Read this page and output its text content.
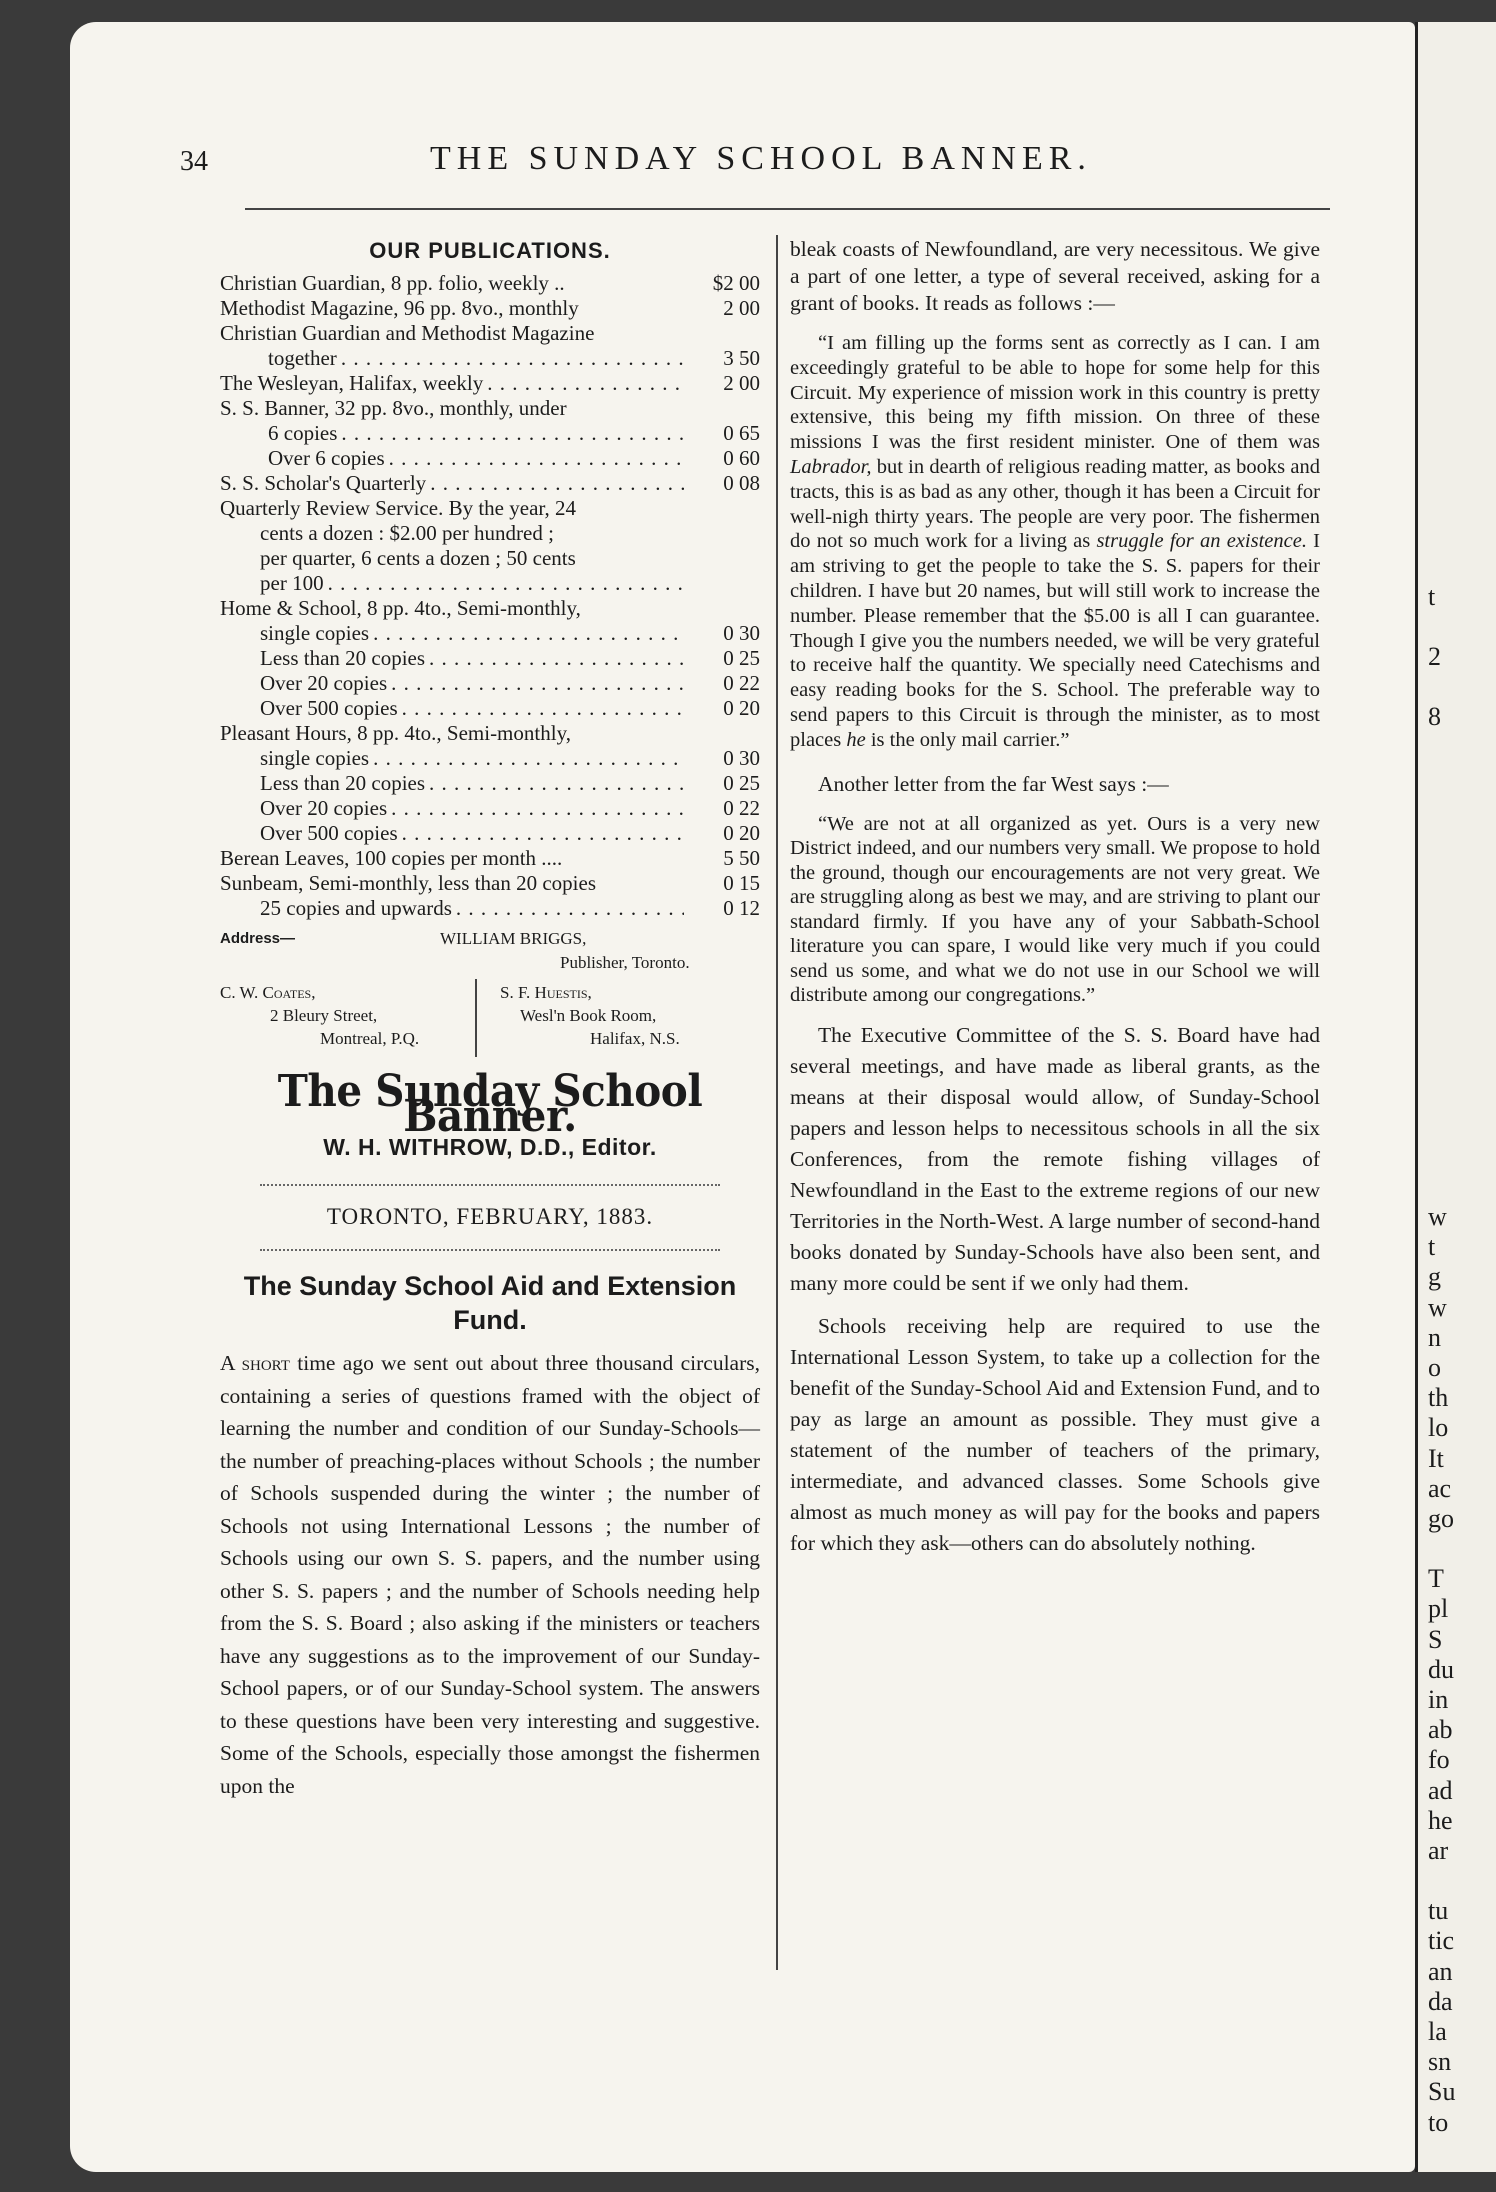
t
2
8
w
t
g
w
n
o
th
lo
It
ac
go
T
pl
S
du
in
ab
fo
ad
he
ar
tu
tic
an
da
la
sn
Su
to
34	THE SUNDAY SCHOOL BANNER.
OUR PUBLICATIONS.
Christian Guardian, 8 pp. folio, weekly ..	$2 00
Methodist Magazine, 96 pp. 8vo., monthly	2 00
Christian Guardian and Methodist Magazine
together . . .	3 50
The Wesleyan, Halifax, weekly . . .	2 00
S. S. Banner, 32 pp. 8vo., monthly, under
6 copies . . .	0 65
Over 6 copies . . .	0 60
S. S. Scholar's Quarterly . . .	0 08
Quarterly Review Service. By the year, 24
cents a dozen : $2.00 per hundred ;
per quarter, 6 cents a dozen ; 50 cents
per 100
. . .
Home & School, 8 pp. 4to., Semi-monthly,
single copies . . .	0 30
Less than 20 copies . . .	0 25
Over 20 copies . . .	0 22
Over 500 copies . . .	0 20
Pleasant Hours, 8 pp. 4to., Semi-monthly,
single copies . . .	0 30
Less than 20 copies . . .	0 25
Over 20 copies . . .	0 22
Over 500 copies . . .	0 20
Berean Leaves, 100 copies per month ....	5 50
Sunbeam, Semi-monthly, less than 20 copies	0 15
25 copies and upwards . . .	0 12
Address—	WILLIAM BRIGGS,
Publisher, Toronto.
C. W. Coates,
2 Bleury Street,
Montreal, P.Q.
S. F. Huestis,
Wesl'n Book Room,
Halifax, N.S.
The Sunday School Banner.
W. H. WITHROW, D.D., Editor.
TORONTO, FEBRUARY, 1883.
The Sunday School Aid and Extension Fund.
A short time ago we sent out about three thousand circulars, containing a series of questions framed with the object of learning the number and condition of our Sunday-Schools—the number of preaching-places without Schools ; the number of Schools suspended during the winter ; the number of Schools not using International Lessons ; the number of Schools using our own S. S. papers, and the number using other S. S. papers ; and the number of Schools needing help from the S. S. Board ; also asking if the ministers or teachers have any suggestions as to the improvement of our Sunday-School papers, or of our Sunday-School system. The answers to these questions have been very interesting and suggestive. Some of the Schools, especially those amongst the fishermen upon the

bleak coasts of Newfoundland, are very necessitous. We give a part of one letter, a type of several received, asking for a grant of books. It reads as follows :—

“I am filling up the forms sent as correctly as I can. I am exceedingly grateful to be able to hope for some help for this Circuit. My experience of mission work in this country is pretty extensive, this being my fifth mission. On three of these missions I was the first resident minister. One of them was Labrador, but in dearth of religious reading matter, as books and tracts, this is as bad as any other, though it has been a Circuit for well-nigh thirty years. The people are very poor. The fishermen do not so much work for a living as struggle for an existence. I am striving to get the people to take the S. S. papers for their children. I have but 20 names, but will still work to increase the number. Please remember that the $5.00 is all I can guarantee. Though I give you the numbers needed, we will be very grateful to receive half the quantity. We specially need Catechisms and easy reading books for the S. School. The preferable way to send papers to this Circuit is through the minister, as to most places he is the only mail carrier.”

Another letter from the far West says :—

“We are not at all organized as yet. Ours is a very new District indeed, and our numbers very small. We propose to hold the ground, though our encouragements are not very great. We are struggling along as best we may, and are striving to plant our standard firmly. If you have any of your Sabbath-School literature you can spare, I would like very much if you could send us some, and what we do not use in our School we will distribute among our congregations.”

The Executive Committee of the S. S. Board have had several meetings, and have made as liberal grants, as the means at their disposal would allow, of Sunday-School papers and lesson helps to necessitous schools in all the six Conferences, from the remote fishing villages of Newfoundland in the East to the extreme regions of our new Territories in the North-West. A large number of second-hand books donated by Sunday-Schools have also been sent, and many more could be sent if we only had them.

Schools receiving help are required to use the International Lesson System, to take up a collection for the benefit of the Sunday-School Aid and Extension Fund, and to pay as large an amount as possible. They must give a statement of the number of teachers of the primary, intermediate, and advanced classes. Some Schools give almost as much money as will pay for the books and papers for which they ask—others can do absolutely nothing.
